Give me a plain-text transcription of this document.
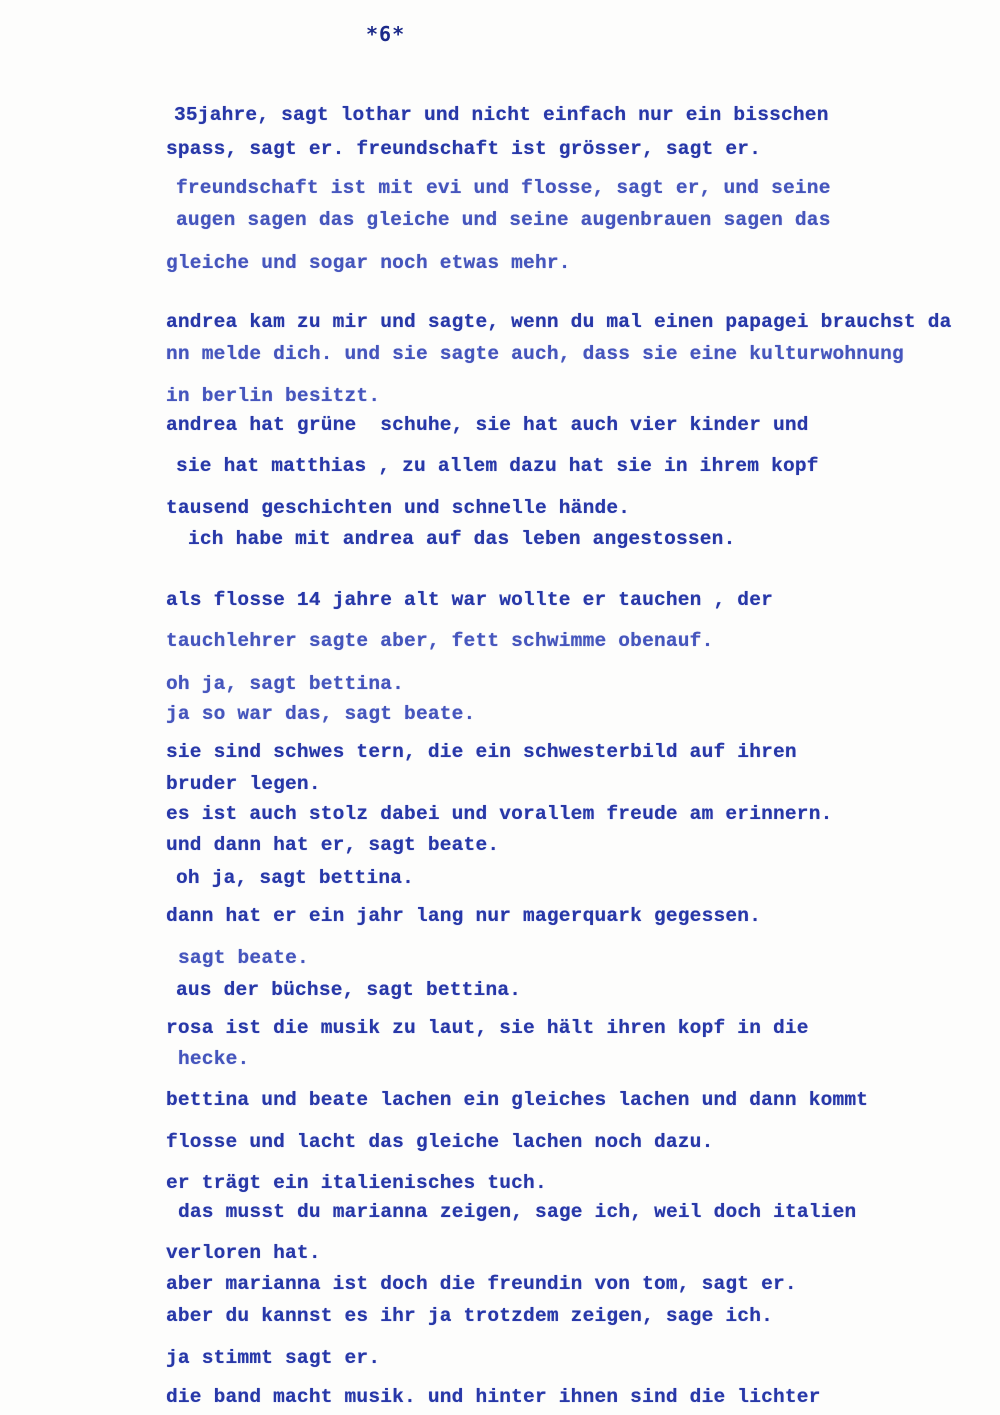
*6*
35jahre, sagt lothar und nicht einfach nur ein bisschen
spass, sagt er. freundschaft ist grösser, sagt er.
freundschaft ist mit evi und flosse, sagt er, und seine
augen sagen das gleiche und seine augenbrauen sagen das
gleiche und sogar noch etwas mehr.
andrea kam zu mir und sagte, wenn du mal einen papagei brauchst da
nn melde dich. und sie sagte auch, dass sie eine kulturwohnung
in berlin besitzt.
andrea hat grüne  schuhe, sie hat auch vier kinder und
sie hat matthias , zu allem dazu hat sie in ihrem kopf
tausend geschichten und schnelle hände.
ich habe mit andrea auf das leben angestossen.
als flosse 14 jahre alt war wollte er tauchen , der
tauchlehrer sagte aber, fett schwimme obenauf.
oh ja, sagt bettina.
ja so war das, sagt beate.
sie sind schwes tern, die ein schwesterbild auf ihren
bruder legen.
es ist auch stolz dabei und vorallem freude am erinnern.
und dann hat er, sagt beate.
oh ja, sagt bettina.
dann hat er ein jahr lang nur magerquark gegessen.
sagt beate.
aus der büchse, sagt bettina.
rosa ist die musik zu laut, sie hält ihren kopf in die
hecke.
bettina und beate lachen ein gleiches lachen und dann kommt
flosse und lacht das gleiche lachen noch dazu.
er trägt ein italienisches tuch.
das musst du marianna zeigen, sage ich, weil doch italien
verloren hat.
aber marianna ist doch die freundin von tom, sagt er.
aber du kannst es ihr ja trotzdem zeigen, sage ich.
ja stimmt sagt er.
die band macht musik. und hinter ihnen sind die lichter
